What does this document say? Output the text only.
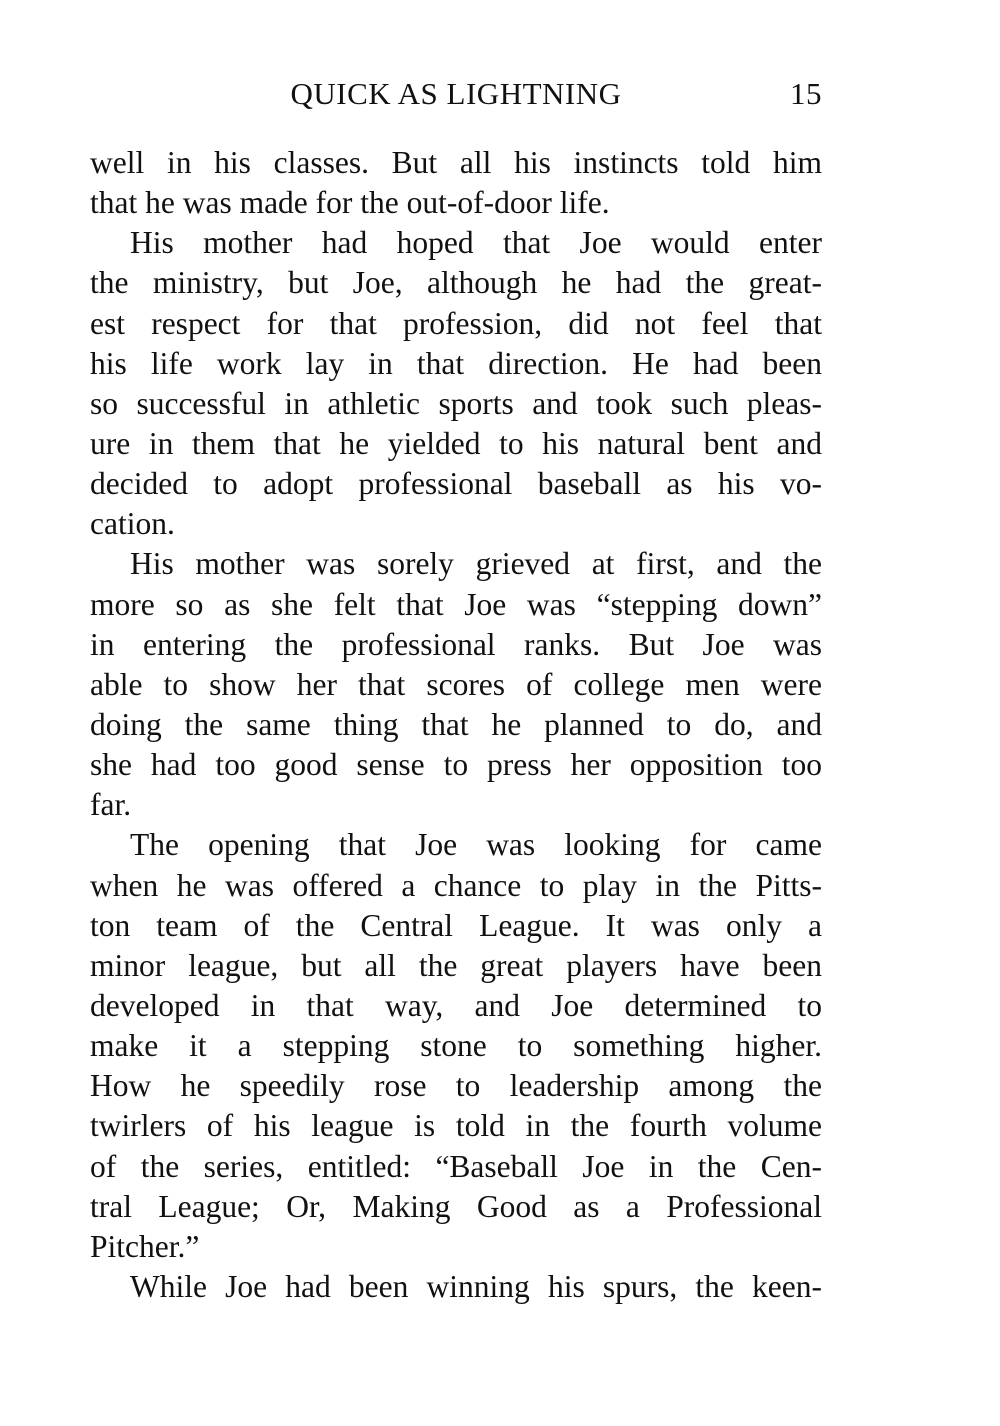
QUICK AS LIGHTNING	15
well in his classes. But all his instincts told him
that he was made for the out-of-door life.
His mother had hoped that Joe would enter
the ministry, but Joe, although he had the great-
est respect for that profession, did not feel that
his life work lay in that direction. He had been
so successful in athletic sports and took such pleas-
ure in them that he yielded to his natural bent and
decided to adopt professional baseball as his vo-
cation.
His mother was sorely grieved at first, and the
more so as she felt that Joe was “stepping down”
in entering the professional ranks. But Joe was
able to show her that scores of college men were
doing the same thing that he planned to do, and
she had too good sense to press her opposition too
far.
The opening that Joe was looking for came
when he was offered a chance to play in the Pitts-
ton team of the Central League. It was only a
minor league, but all the great players have been
developed in that way, and Joe determined to
make it a stepping stone to something higher.
How he speedily rose to leadership among the
twirlers of his league is told in the fourth volume
of the series, entitled: “Baseball Joe in the Cen-
tral League; Or, Making Good as a Professional
Pitcher.”
While Joe had been winning his spurs, the keen-
